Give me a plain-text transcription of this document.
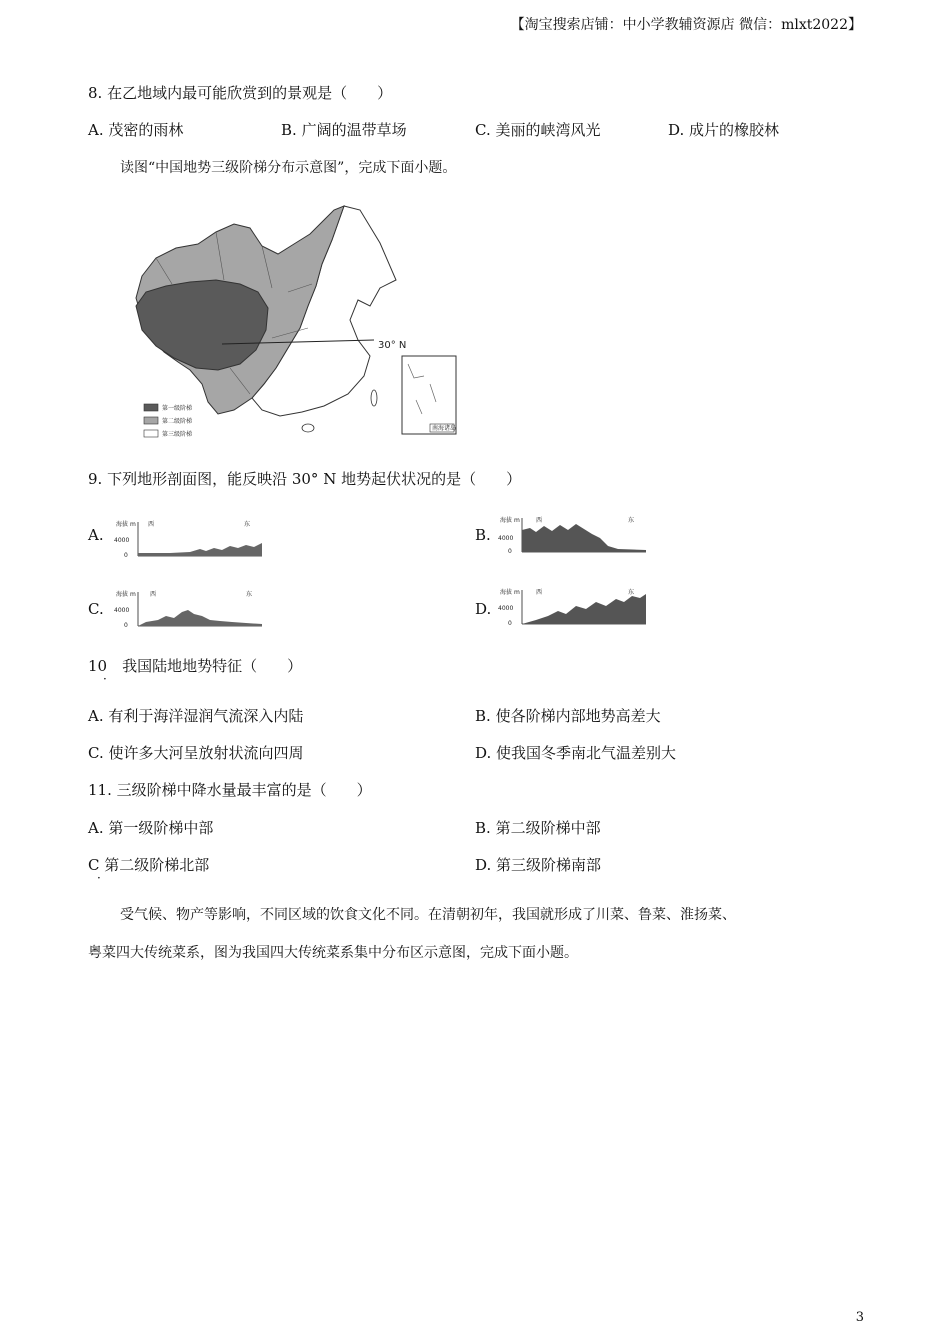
【淘宝搜索店铺：中小学教辅资源店 微信：mlxt2022】
8. 在乙地域内最可能欣赏到的景观是（　　）
A. 茂密的雨林	B. 广阔的温带草场	C. 美丽的峡湾风光	D. 成片的橡胶林
读图“中国地势三级阶梯分布示意图”，完成下面小题。
30° N
南海诸岛
第一级阶梯
第二级阶梯
第三级阶梯
9. 下列地形剖面图，能反映沿 30° N 地势起伏状况的是（　　）
A.
海拔 m 西	东
4000
0
B.
海拔 m	西	东
4000
0
C.
海拔 m 西	东
4000
0
D.
海拔 m	西	东
4000
0
10　我国陆地地势特征（　　）
·
A. 有利于海洋湿润气流深入内陆	B. 使各阶梯内部地势高差大
C. 使许多大河呈放射状流向四周	D. 使我国冬季南北气温差别大
11. 三级阶梯中降水量最丰富的是（　　）
A. 第一级阶梯中部	B. 第二级阶梯中部
C 第二级阶梯北部
·
D. 第三级阶梯南部
受气候、物产等影响，不同区域的饮食文化不同。在清朝初年，我国就形成了川菜、鲁菜、淮扬菜、
粤菜四大传统菜系，图为我国四大传统菜系集中分布区示意图，完成下面小题。
3
